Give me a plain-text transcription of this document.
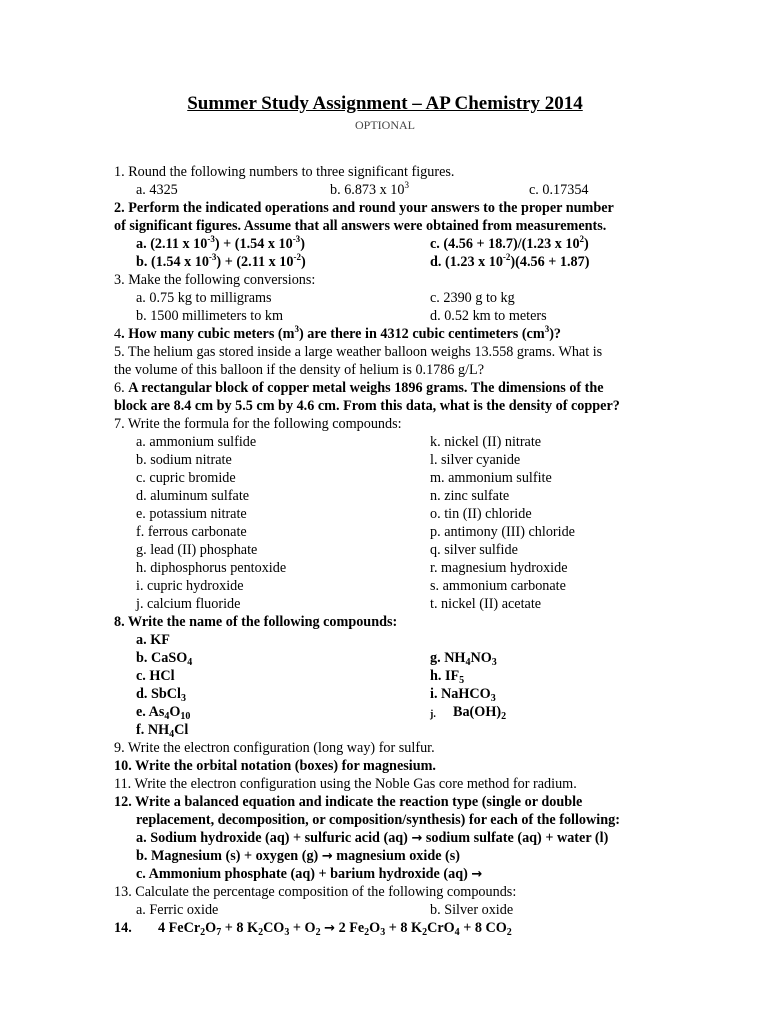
Summer Study Assignment – AP Chemistry 2014
OPTIONAL
1. Round the following numbers to three significant figures.
a. 4325	b. 6.873 x $10^3$	c. 0.17354
2. Perform the indicated operations and round your answers to the proper number
of significant figures. Assume that all answers were obtained from measurements.
a. (2.11 x $10^{-3}) + (1.54$ x $10^{-3}$)	c. (4.56 + 18.7)/(1.23 x $10^2$)
b. (1.54 x $10^{-3}) + (2.11$ x $10^{-2}$)	d. (1.23 x $10^{-2})(4.56 + 1.87)$
3. Make the following conversions:
a. 0.75 kg to milligrams	c. 2390 g to kg
b. 1500 millimeters to km	d. 0.52 km to meters
4. How many cubic meters $(m^3)$ are there in 4312 cubic centimeters $(cm^3)$?
5. The helium gas stored inside a large weather balloon weighs 13.558 grams. What is
the volume of this balloon if the density of helium is 0.1786 g/L?
6. A rectangular block of copper metal weighs 1896 grams. The dimensions of the
block are 8.4 cm by 5.5 cm by 4.6 cm. From this data, what is the density of copper?
7. Write the formula for the following compounds:
a. ammonium sulfide	k. nickel (II) nitrate
b. sodium nitrate	l. silver cyanide
c. cupric bromide	m. ammonium sulfite
d. aluminum sulfate	n. zinc sulfate
e. potassium nitrate	o. tin (II) chloride
f. ferrous carbonate	p. antimony (III) chloride
g. lead (II) phosphate	q. silver sulfide
h. diphosphorus pentoxide	r. magnesium hydroxide
i. cupric hydroxide	s. ammonium carbonate
j. calcium fluoride	t. nickel (II) acetate
8. Write the name of the following compounds:
a. KF
b. CaSO$_4$	g. $NH_4NO_3$
c. HCl	h. $IF_5$
d. SbCl$_3$	i. NaHCO$_3$
e. $As_4O_{10}$	j. $Ba(OH)_2$
f. $NH_4Cl$
9. Write the electron configuration (long way) for sulfur.
10. Write the orbital notation (boxes) for magnesium.
11. Write the electron configuration using the Noble Gas core method for radium.
12. Write a balanced equation and indicate the reaction type (single or double
replacement, decomposition, or composition/synthesis) for each of the following:
a. Sodium hydroxide (aq) + sulfuric acid (aq) → sodium sulfate (aq) + water (l)
b. Magnesium (s) + oxygen (g) → magnesium oxide (s)
c. Ammonium phosphate (aq) + barium hydroxide (aq) →
13. Calculate the percentage composition of the following compounds:
a. Ferric oxide	b. Silver oxide
14. 4 $FeCr_2O_7 + 8$ $K_2CO_3 + O_2 \to 2$ $Fe_2O_3 + 8$ $K_2CrO_4 + 8$ $CO_2$
